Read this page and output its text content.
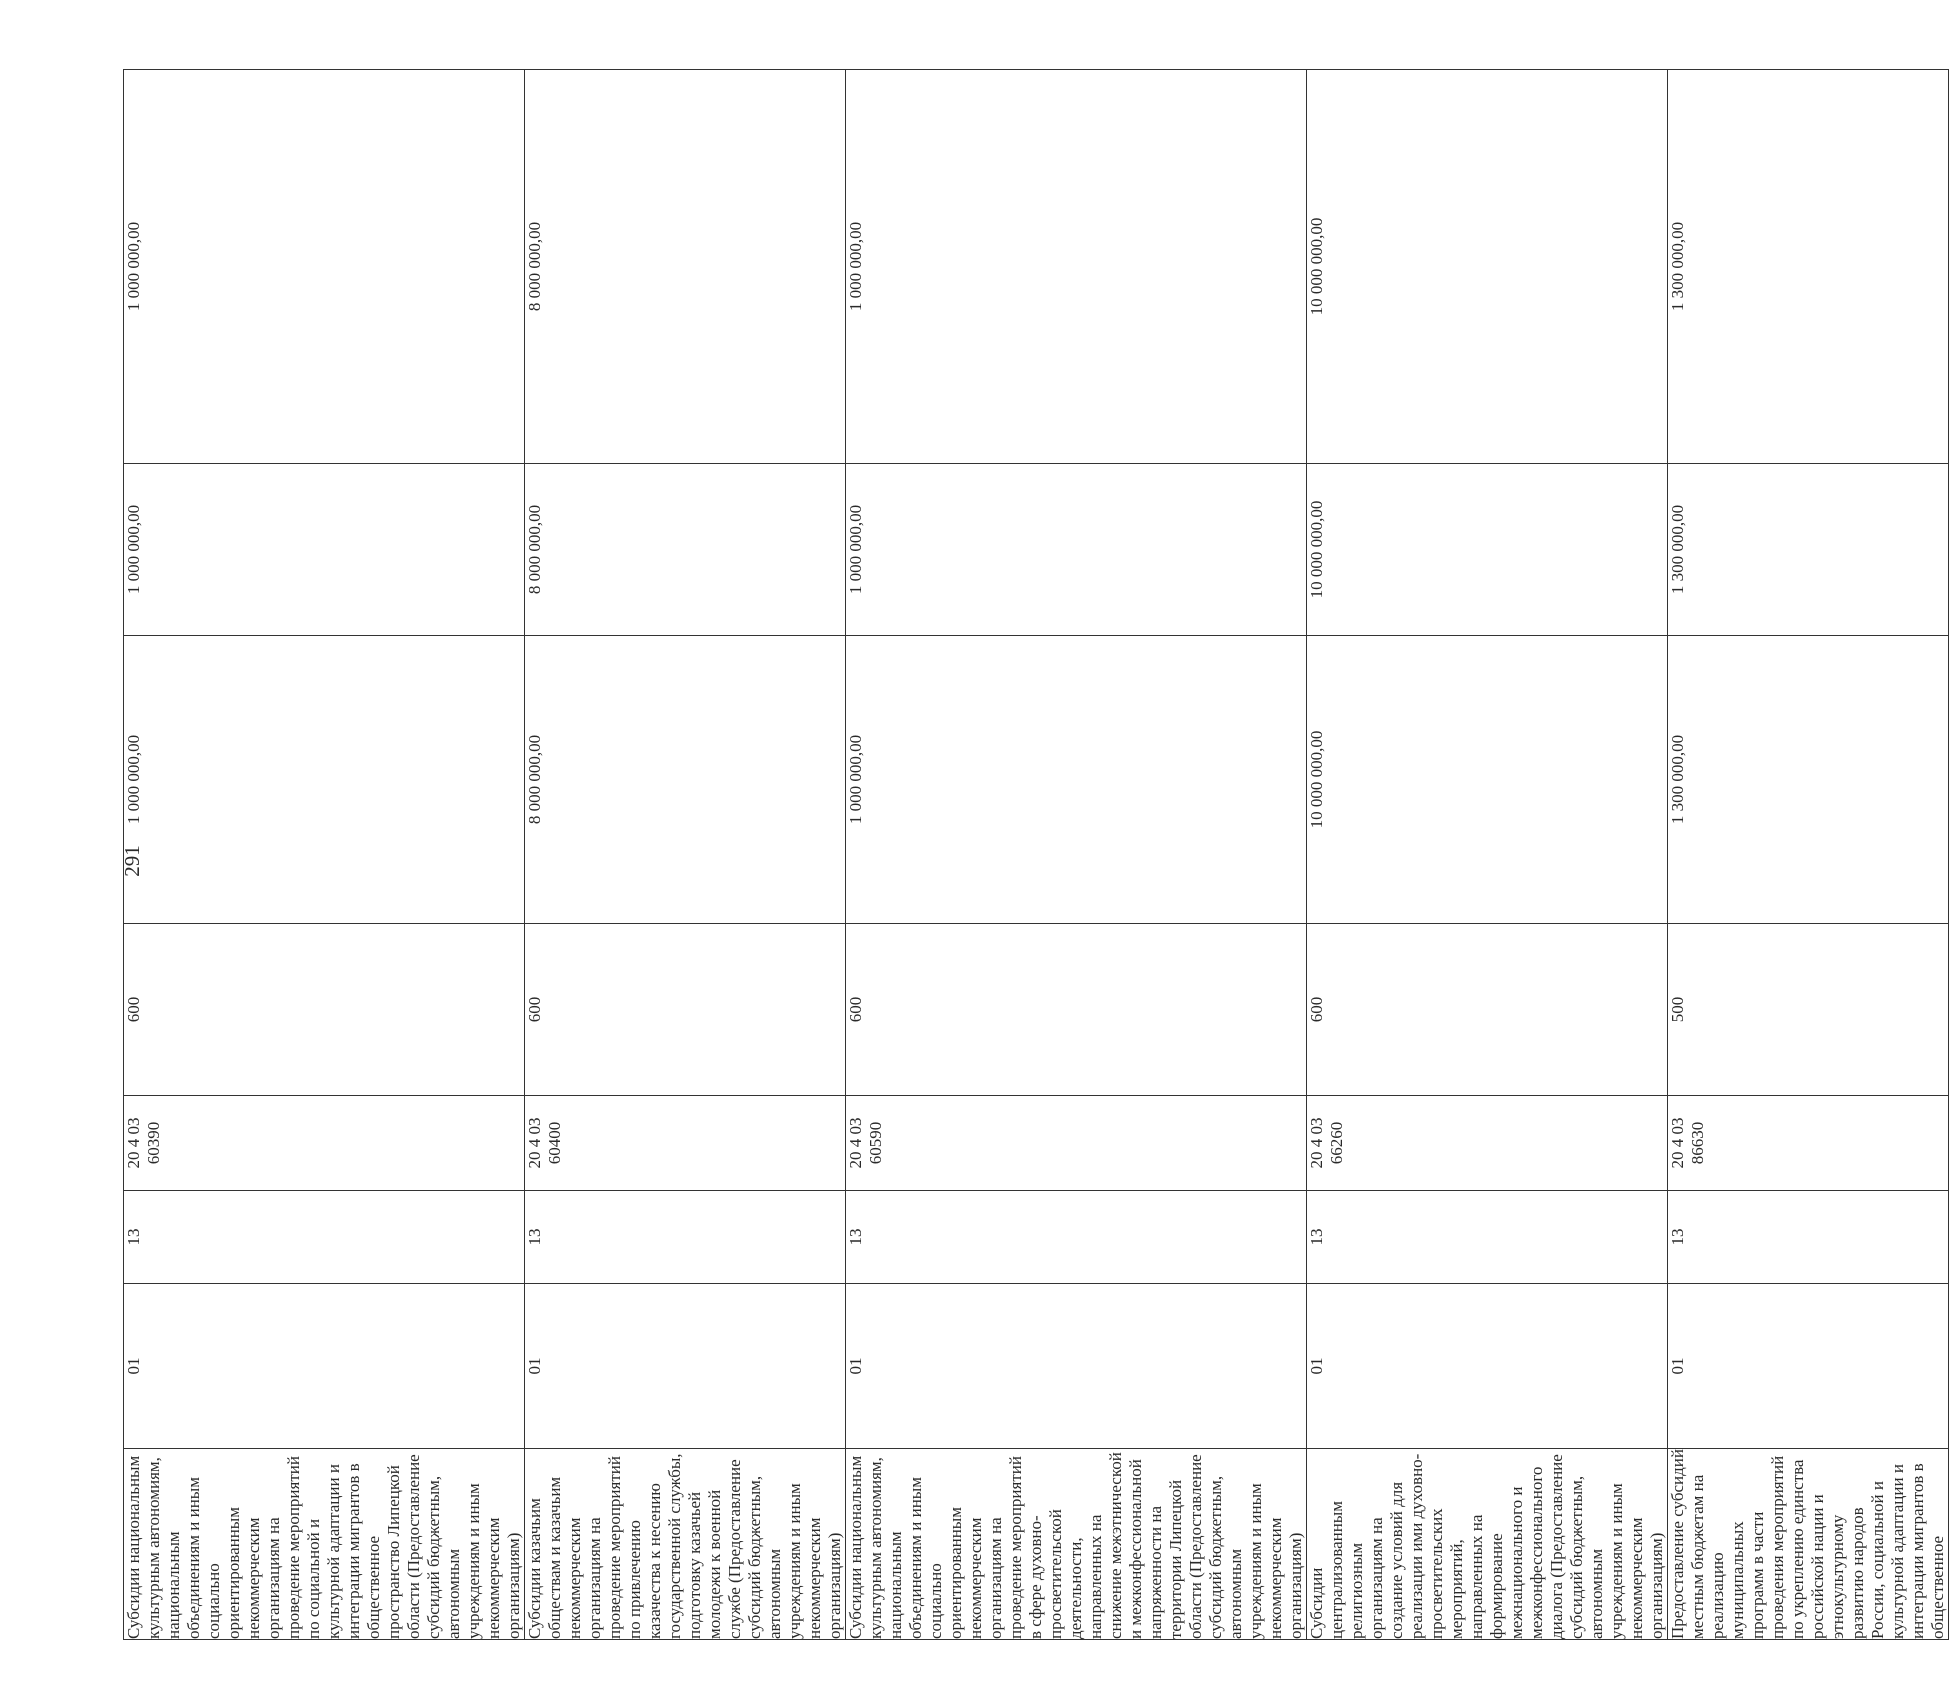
291
Субсидии национальным культурным автономиям, национальным объединениям и иным социально ориентированным некоммерческим организациям на проведение мероприятий по социальной и культурной адаптации и интеграции мигрантов в общественное пространство Липецкой области (Предоставление субсидий бюджетным, автономным учреждениям и иным некоммерческим организациям)	01	13	20 4 03 60390	600	1 000 000,00	1 000 000,00	1 000 000,00
Субсидии казачьим обществам и казачьим некоммерческим организациям на проведение мероприятий по привлечению казачества к несению государственной службы, подготовку казачьей молодежи к военной службе (Предоставление субсидий бюджетным, автономным учреждениям и иным некоммерческим организациям)	01	13	20 4 03 60400	600	8 000 000,00	8 000 000,00	8 000 000,00
Субсидии национальным культурным автономиям, национальным объединениям и иным социально ориентированным некоммерческим организациям на проведение мероприятий в сфере духовно-просветительской деятельности, направленных на снижение межэтнической и межконфессиональной напряженности на территории Липецкой области (Предоставление субсидий бюджетным, автономным учреждениям и иным некоммерческим организациям)	01	13	20 4 03 60590	600	1 000 000,00	1 000 000,00	1 000 000,00
Субсидии централизованным религиозным организациям на создание условий для реализации ими духовно-просветительских мероприятий, направленных на формирование межнационального и межконфессионального диалога (Предоставление субсидий бюджетным, автономным учреждениям и иным некоммерческим организациям)	01	13	20 4 03 66260	600	10 000 000,00	10 000 000,00	10 000 000,00
Предоставление субсидий местным бюджетам на реализацию муниципальных программ в части проведения мероприятий по укреплению единства российской нации и этнокультурному развитию народов России, социальной и культурной адаптации и интеграции мигрантов в общественное	01	13	20 4 03 86630	500	1 300 000,00	1 300 000,00	1 300 000,00
